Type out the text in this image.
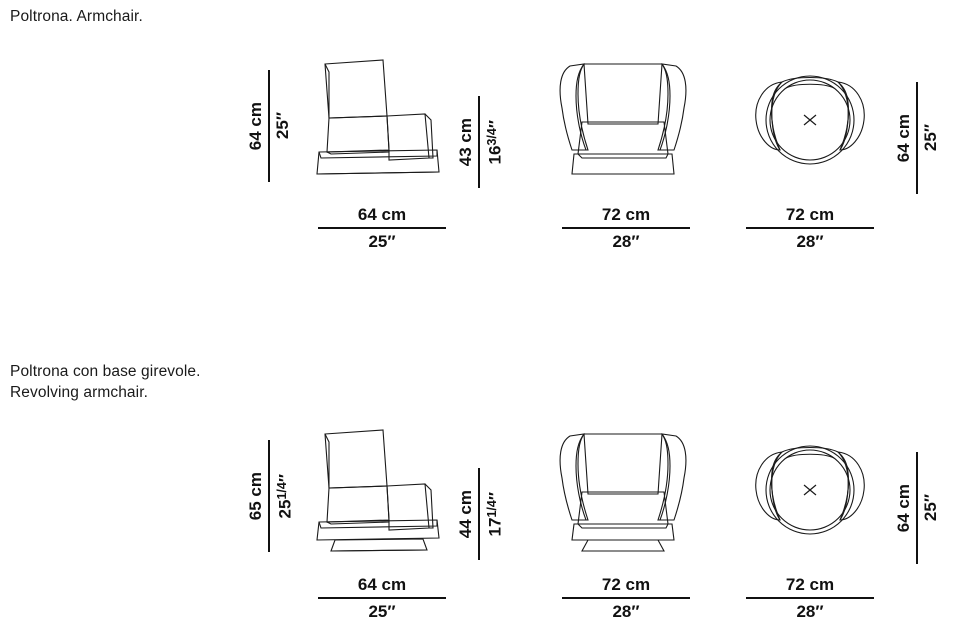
Poltrona. Armchair.
64 cm 25″
64 cm
25″
43 cm $16^{3/4}''$
72 cm
28″
64 cm 25″
72 cm
28″
Poltrona con base girevole.
Revolving armchair.
65 cm $25^{1/4}''$
64 cm
25″
44 cm $17^{1/4}''$
72 cm
28″
64 cm 25″
72 cm
28″
